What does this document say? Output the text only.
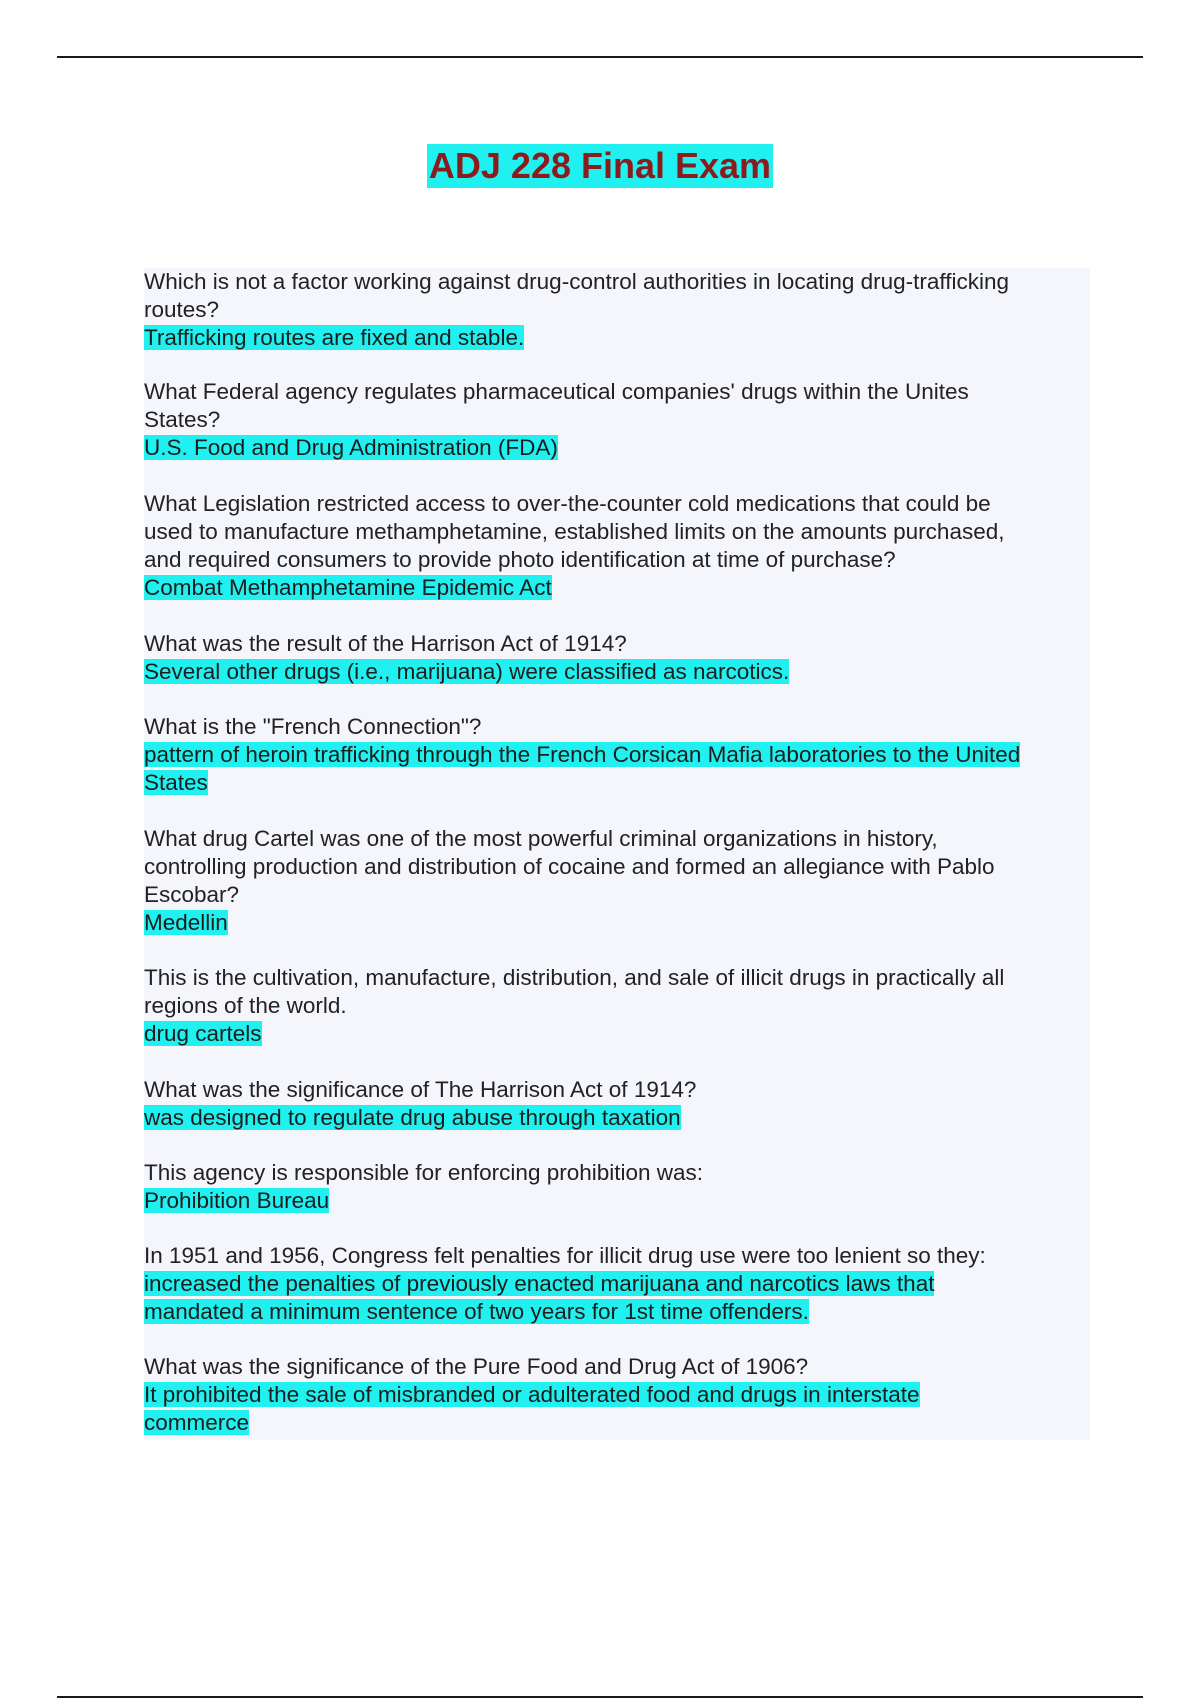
ADJ 228 Final Exam

Which is not a factor working against drug-control authorities in locating drug-trafficking
routes?

Trafficking routes are fixed and stable.

What Federal agency regulates pharmaceutical companies' drugs within the Unites
States?

U.S. Food and Drug Administration (FDA)

What Legislation restricted access to over-the-counter cold medications that could be
used to manufacture methamphetamine, established limits on the amounts purchased,
and required consumers to provide photo identification at time of purchase?

Combat Methamphetamine Epidemic Act

What was the result of the Harrison Act of 1914?

Several other drugs (i.e., marijuana) were classified as narcotics.

What is the "French Connection"?

pattern of heroin trafficking through the French Corsican Mafia laboratories to the United
States

What drug Cartel was one of the most powerful criminal organizations in history,
controlling production and distribution of cocaine and formed an allegiance with Pablo
Escobar?

Medellin

This is the cultivation, manufacture, distribution, and sale of illicit drugs in practically all
regions of the world.

drug cartels

What was the significance of The Harrison Act of 1914?

was designed to regulate drug abuse through taxation

This agency is responsible for enforcing prohibition was:

Prohibition Bureau

In 1951 and 1956, Congress felt penalties for illicit drug use were too lenient so they:

increased the penalties of previously enacted marijuana and narcotics laws that
mandated a minimum sentence of two years for 1st time offenders.

What was the significance of the Pure Food and Drug Act of 1906?

It prohibited the sale of misbranded or adulterated food and drugs in interstate
commerce
